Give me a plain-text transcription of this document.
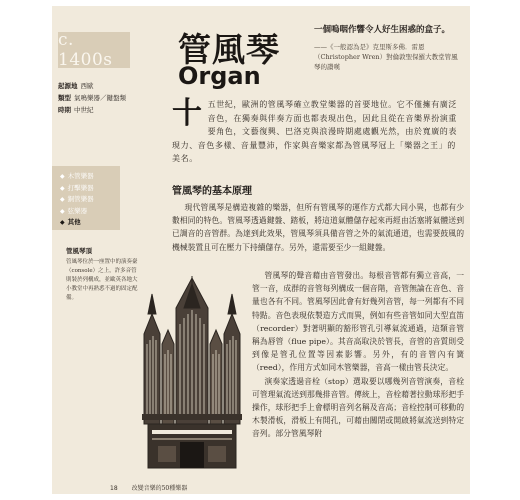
c. 1400s	管風琴
Organ
一個嗚咽作響令人好生困惑的盒子。
——《一般認為是》克里斯多佛．雷恩（Christopher Wren）對倫敦聖保羅大教堂管風琴的讚嘆
起源地 西歐
類型 氣鳴樂器／鍵盤類
時期 中世紀
◆ 木管樂器
◆ 打擊樂器
◆ 銅管樂器
◆ 弦樂器
◆ 其他
管風琴頂
管風琴位於一座置中的演奏臺（console）之上，許多音管則裝於列構成，並歐英各地大小教堂中再熟悉不過的固定配備。
十五世紀，歐洲的管風琴確立教堂樂器的首要地位。它不僅擁有廣泛音色，在獨奏與伴奏方面也都表現出色，因此且從在音樂界扮演重要角色，文藝復興、巴洛克與浪漫時期處處觀光然，由於寬廣的表現力、音色多樣、音量豐沛，作家與音樂家都為管風琴冠上「樂器之王」的美名。
管風琴的基本原理

現代管風琴是構造複雜的樂器，但所有管風琴的運作方式都大同小異，也都有少數相同的特色。管風琴透過鍵盤、踏板，將這道氣體儲存起來再經由活塞將氣體送到已調音的音管群。為達到此效果，管風琴須具備音管之外的氣流通道，也需要鼓風的機械裝置且可在壓力下持續儲存。另外，還需要至少一組鍵盤。

管風琴的聲音藉由音管發出。每根音管都有獨立音高，一管一音，成群的音管每列構成一個音階，音管無論在音色、音量也各有不同。管風琴因此會有好幾列音管，每一列都有不同特點。音色表現依製造方式而異，例如有些音管如同大型直笛（recorder）對著明顯的豁形管孔引導氣流通過，這類音管稱為唇管（flue pipe）。其音高取決於管長，音管的音質則受到像是管孔位置等因素影響。另外，有的音管內有簧（reed），作用方式如同木管樂器，音高一樣由管長決定。

演奏家透過音栓（stop）選取要以哪幾列音管演奏，音栓可管理氣流送到那幾排音管。傳統上，音栓藉著拉動球形把手操作，球形把手上會標明音列名稱及音高；音栓控制可移動的木製滑板，滑板上有開孔，可藉由關閉或開啟將氣流送到特定音列。部分管風琴附

18 改變音樂的50種樂器
